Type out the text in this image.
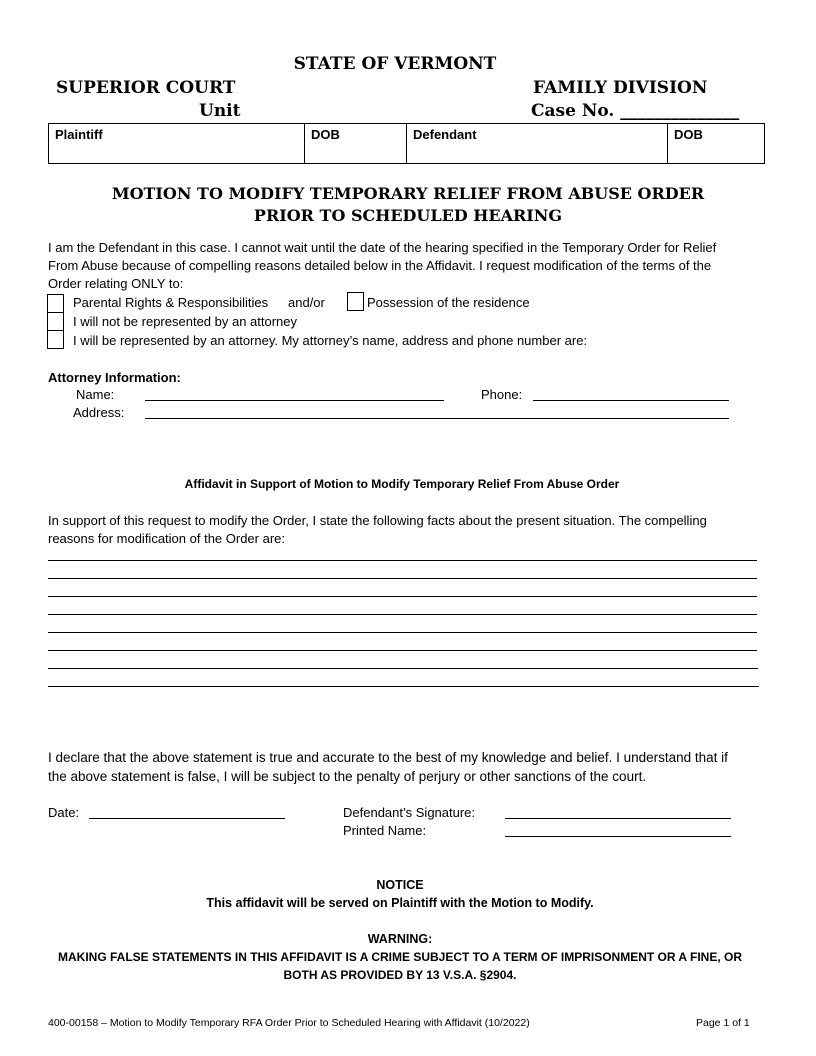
STATE OF VERMONT
SUPERIOR COURT	FAMILY DIVISION
Unit	Case No. ______________
Plaintiff	DOB	Defendant	DOB
MOTION TO MODIFY TEMPORARY RELIEF FROM ABUSE ORDER
PRIOR TO SCHEDULED HEARING
I am the Defendant in this case. I cannot wait until the date of the hearing specified in the Temporary Order for Relief
From Abuse because of compelling reasons detailed below in the Affidavit. I request modification of the terms of the
Order relating ONLY to:
Parental Rights & Responsibilities and/or	Possession of the residence
I will not be represented by an attorney
I will be represented by an attorney. My attorney’s name, address and phone number are:
Attorney Information:
Name:	Phone:
Address:
Affidavit in Support of Motion to Modify Temporary Relief From Abuse Order
In support of this request to modify the Order, I state the following facts about the present situation. The compelling
reasons for modification of the Order are:
I declare that the above statement is true and accurate to the best of my knowledge and belief. I understand that if
the above statement is false, I will be subject to the penalty of perjury or other sanctions of the court.
Date:	Defendant’s Signature:
Printed Name:
NOTICE
This affidavit will be served on Plaintiff with the Motion to Modify.
WARNING:
MAKING FALSE STATEMENTS IN THIS AFFIDAVIT IS A CRIME SUBJECT TO A TERM OF IMPRISONMENT OR A FINE, OR
BOTH AS PROVIDED BY 13 V.S.A. §2904.
400-00158 – Motion to Modify Temporary RFA Order Prior to Scheduled Hearing with Affidavit (10/2022)	Page 1 of 1
